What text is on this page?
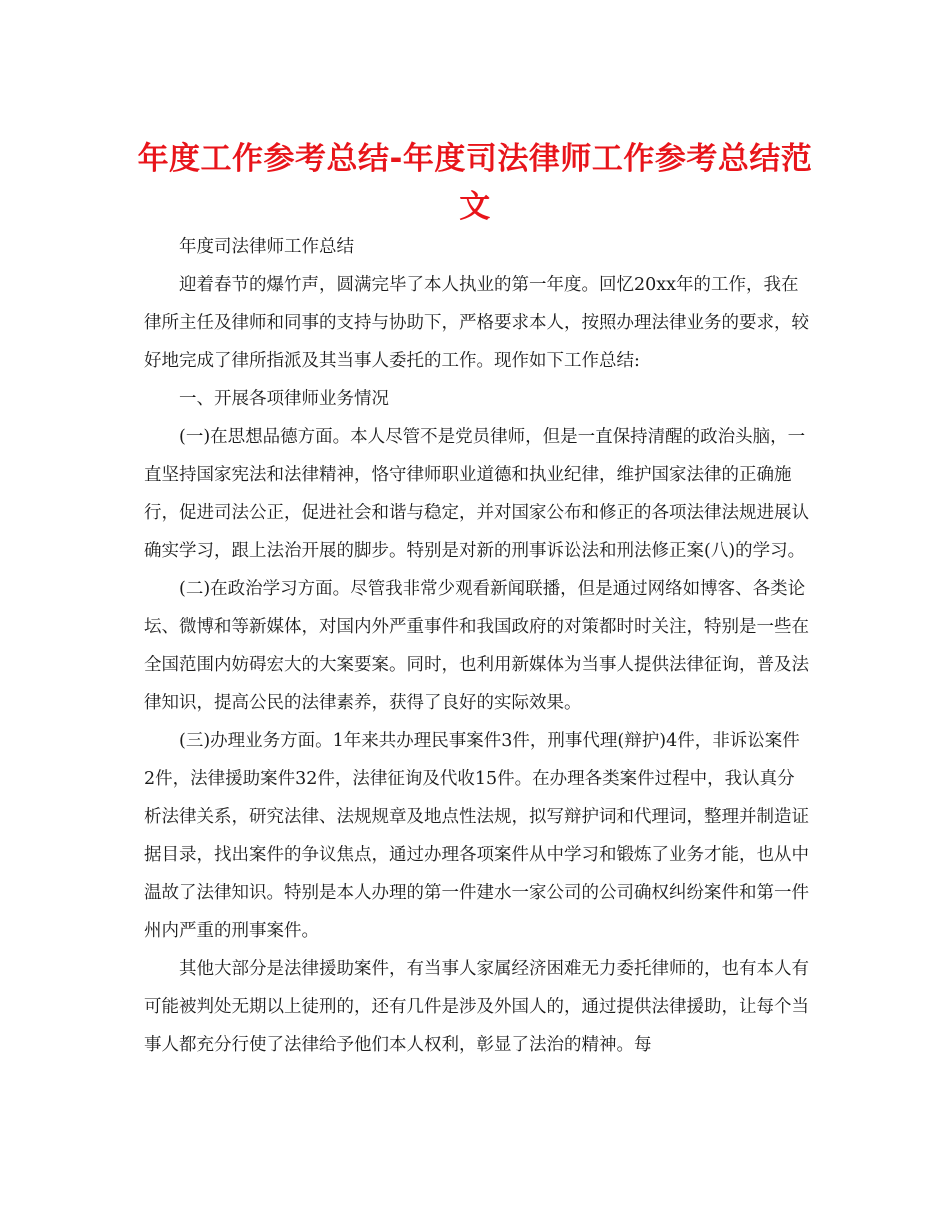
年度工作参考总结-年度司法律师工作参考总结范文

年度司法律师工作总结

迎着春节的爆竹声，圆满完毕了本人执业的第一年度。回忆20xx年的工作，我在律所主任及律师和同事的支持与协助下，严格要求本人，按照办理法律业务的要求，较好地完成了律所指派及其当事人委托的工作。现作如下工作总结:

一、开展各项律师业务情况

(一)在思想品德方面。本人尽管不是党员律师，但是一直保持清醒的政治头脑，一直坚持国家宪法和法律精神，恪守律师职业道德和执业纪律，维护国家法律的正确施行，促进司法公正，促进社会和谐与稳定，并对国家公布和修正的各项法律法规进展认确实学习，跟上法治开展的脚步。特别是对新的刑事诉讼法和刑法修正案(八)的学习。

(二)在政治学习方面。尽管我非常少观看新闻联播，但是通过网络如博客、各类论坛、微博和等新媒体，对国内外严重事件和我国政府的对策都时时关注，特别是一些在全国范围内妨碍宏大的大案要案。同时，也利用新媒体为当事人提供法律征询，普及法律知识，提高公民的法律素养，获得了良好的实际效果。

(三)办理业务方面。1年来共办理民事案件3件，刑事代理(辩护)4件，非诉讼案件2件，法律援助案件32件，法律征询及代收15件。在办理各类案件过程中，我认真分析法律关系，研究法律、法规规章及地点性法规，拟写辩护词和代理词，整理并制造证据目录，找出案件的争议焦点，通过办理各项案件从中学习和锻炼了业务才能，也从中温故了法律知识。特别是本人办理的第一件建水一家公司的公司确权纠纷案件和第一件州内严重的刑事案件。

其他大部分是法律援助案件，有当事人家属经济困难无力委托律师的，也有本人有可能被判处无期以上徒刑的，还有几件是涉及外国人的，通过提供法律援助，让每个当事人都充分行使了法律给予他们本人权利，彰显了法治的精神。每
